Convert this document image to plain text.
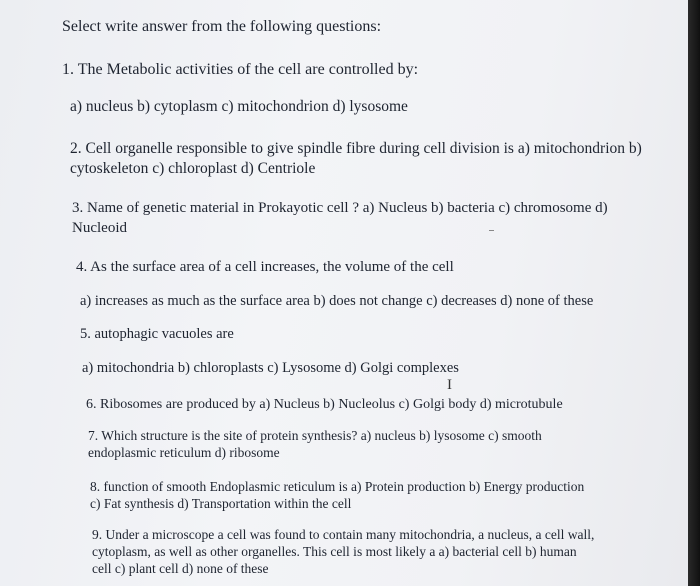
Select write answer from the following questions:

1. The Metabolic activities of the cell are controlled by:

a) nucleus b) cytoplasm c) mitochondrion d) lysosome

2. Cell organelle responsible to give spindle fibre during cell division is a) mitochondrion b)

cytoskeleton c) chloroplast d) Centriole

3. Name of genetic material in Prokayotic cell ? a) Nucleus b) bacteria c) chromosome d)

Nucleoid

4. As the surface area of a cell increases, the volume of the cell

a) increases as much as the surface area b) does not change c) decreases d) none of these

5. autophagic vacuoles are

a) mitochondria b) chloroplasts c) Lysosome d) Golgi complexes

I

6. Ribosomes are produced by a) Nucleus b) Nucleolus c) Golgi body d) microtubule

7. Which structure is the site of protein synthesis? a) nucleus b) lysosome c) smooth

endoplasmic reticulum d) ribosome

8. function of smooth Endoplasmic reticulum is a) Protein production b) Energy production

c) Fat synthesis d) Transportation within the cell

9. Under a microscope a cell was found to contain many mitochondria, a nucleus, a cell wall,

cytoplasm, as well as other organelles. This cell is most likely a a) bacterial cell b) human

cell c) plant cell d) none of these
